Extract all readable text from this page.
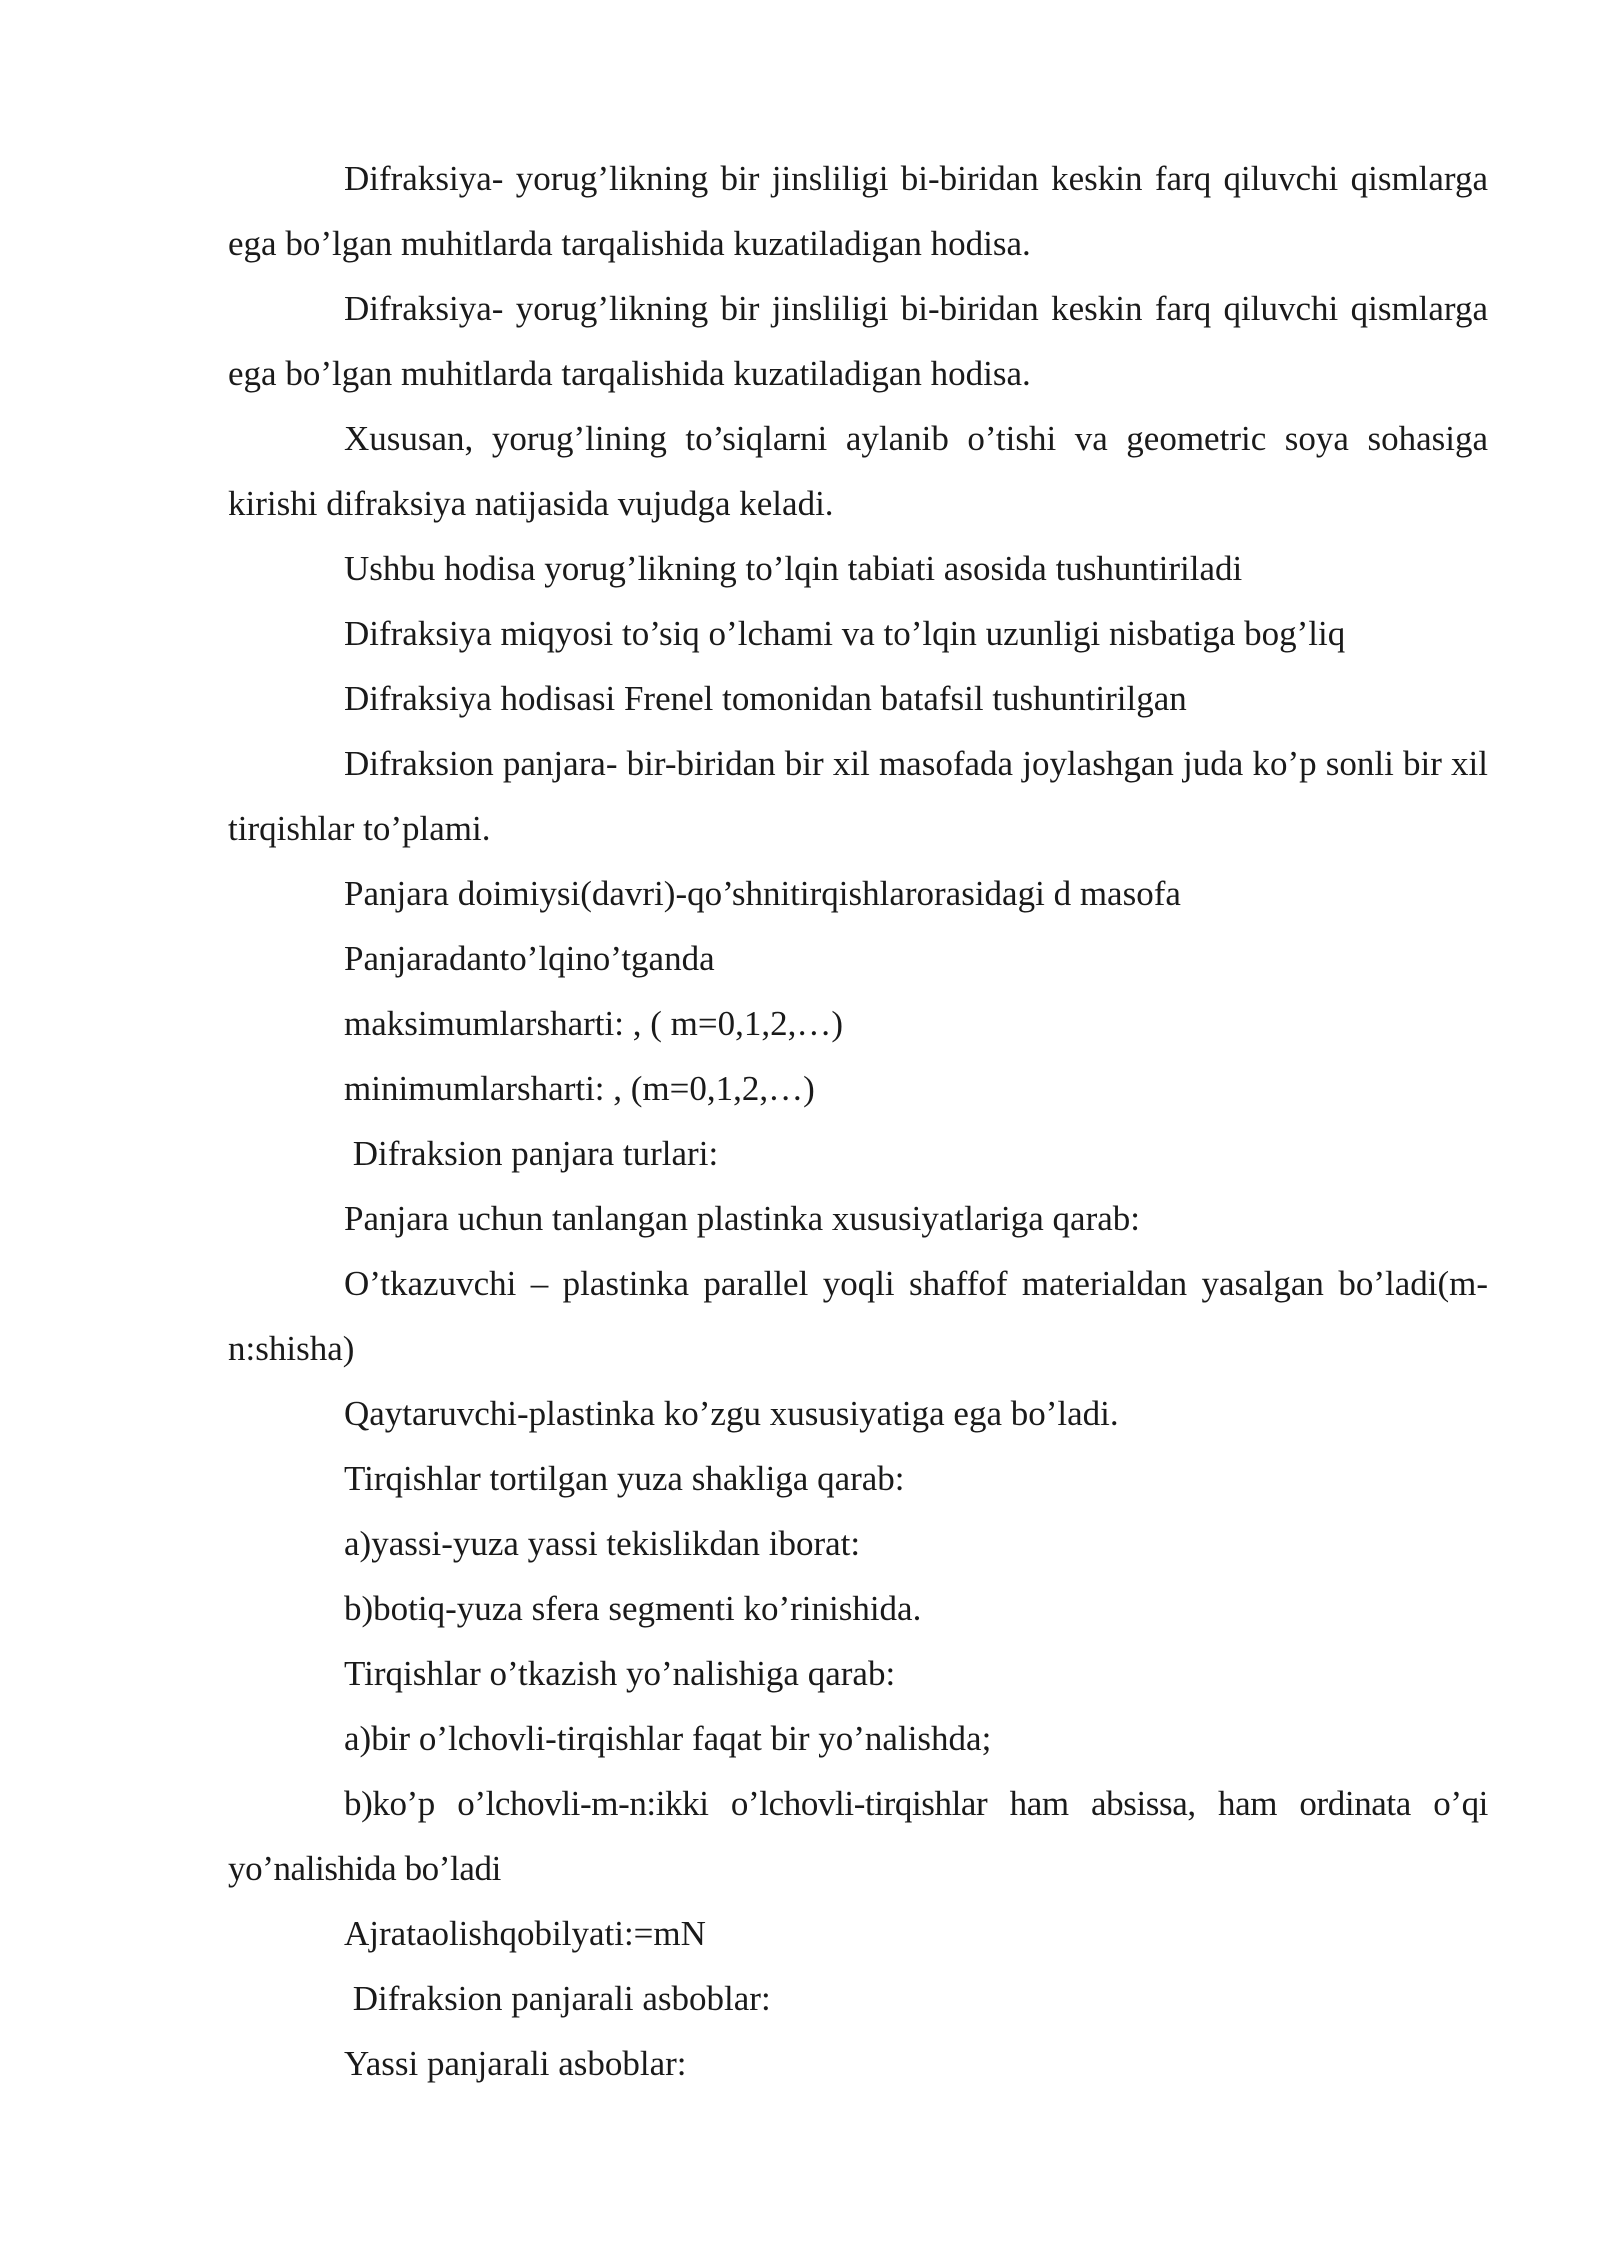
Difraksiya- yorug’likning bir jinsliligi bi-biridan keskin farq qiluvchi qismlarga ega bo’lgan muhitlarda tarqalishida kuzatiladigan hodisa.

Difraksiya- yorug’likning bir jinsliligi bi-biridan keskin farq qiluvchi qismlarga ega bo’lgan muhitlarda tarqalishida kuzatiladigan hodisa.

Xususan, yorug’lining to’siqlarni aylanib o’tishi va geometric soya sohasiga kirishi difraksiya natijasida vujudga keladi.

Ushbu hodisa yorug’likning to’lqin tabiati asosida tushuntiriladi

Difraksiya miqyosi to’siq o’lchami va to’lqin uzunligi nisbatiga bog’liq

Difraksiya hodisasi Frenel tomonidan batafsil tushuntirilgan

Difraksion panjara- bir-biridan bir xil masofada joylashgan juda ko’p sonli bir xil tirqishlar to’plami.

Panjara doimiysi(davri)-qo’shnitirqishlarorasidagi d masofa

Panjaradanto’lqino’tganda

maksimumlarsharti: , ( m=0,1,2,…)

minimumlarsharti: , (m=0,1,2,…)

Difraksion panjara turlari:

Panjara uchun tanlangan plastinka xususiyatlariga qarab:

O’tkazuvchi – plastinka parallel yoqli shaffof materialdan yasalgan bo’ladi(m-n:shisha)

Qaytaruvchi-plastinka ko’zgu xususiyatiga ega bo’ladi.

Tirqishlar tortilgan yuza shakliga qarab:

a)yassi-yuza yassi tekislikdan iborat:

b)botiq-yuza sfera segmenti ko’rinishida.

Tirqishlar o’tkazish yo’nalishiga qarab:

a)bir o’lchovli-tirqishlar faqat bir yo’nalishda;

b)ko’p o’lchovli-m-n:ikki o’lchovli-tirqishlar ham absissa, ham ordinata o’qi yo’nalishida bo’ladi

Ajrataolishqobilyati:=mN

Difraksion panjarali asboblar:

Yassi panjarali asboblar:
